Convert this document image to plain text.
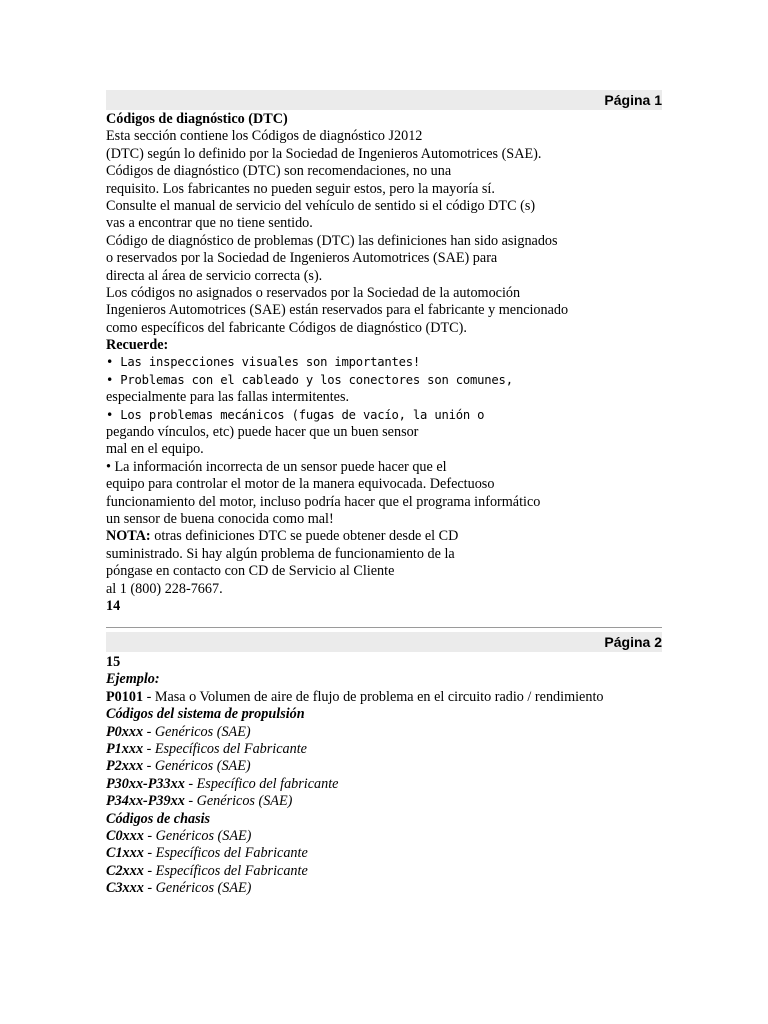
Página 1
Códigos de diagnóstico (DTC)
Esta sección contiene los Códigos de diagnóstico J2012
(DTC) según lo definido por la Sociedad de Ingenieros Automotrices (SAE).
Códigos de diagnóstico (DTC) son recomendaciones, no una
requisito. Los fabricantes no pueden seguir estos, pero la mayoría sí.
Consulte el manual de servicio del vehículo de sentido si el código DTC (s)
vas a encontrar que no tiene sentido.
Código de diagnóstico de problemas (DTC) las definiciones han sido asignados
o reservados por la Sociedad de Ingenieros Automotrices (SAE) para
directa al área de servicio correcta (s).
Los códigos no asignados o reservados por la Sociedad de la automoción
Ingenieros Automotrices (SAE) están reservados para el fabricante y mencionado
como específicos del fabricante Códigos de diagnóstico (DTC).
Recuerde:
• Las inspecciones visuales son importantes!
• Problemas con el cableado y los conectores son comunes,
especialmente para las fallas intermitentes.
• Los problemas mecánicos (fugas de vacío, la unión o
pegando vínculos, etc) puede hacer que un buen sensor
mal en el equipo.
• La información incorrecta de un sensor puede hacer que el
equipo para controlar el motor de la manera equivocada. Defectuoso
funcionamiento del motor, incluso podría hacer que el programa informático
un sensor de buena conocida como mal!
NOTA: otras definiciones DTC se puede obtener desde el CD
suministrado. Si hay algún problema de funcionamiento de la
póngase en contacto con CD de Servicio al Cliente
al 1 (800) 228-7667.
14
Página 2
15
Ejemplo:
P0101 - Masa o Volumen de aire de flujo de problema en el circuito radio / rendimiento
Códigos del sistema de propulsión
P0xxx - Genéricos (SAE)
P1xxx - Específicos del Fabricante
P2xxx - Genéricos (SAE)
P30xx-P33xx - Específico del fabricante
P34xx-P39xx - Genéricos (SAE)
Códigos de chasis
C0xxx - Genéricos (SAE)
C1xxx - Específicos del Fabricante
C2xxx - Específicos del Fabricante
C3xxx - Genéricos (SAE)
